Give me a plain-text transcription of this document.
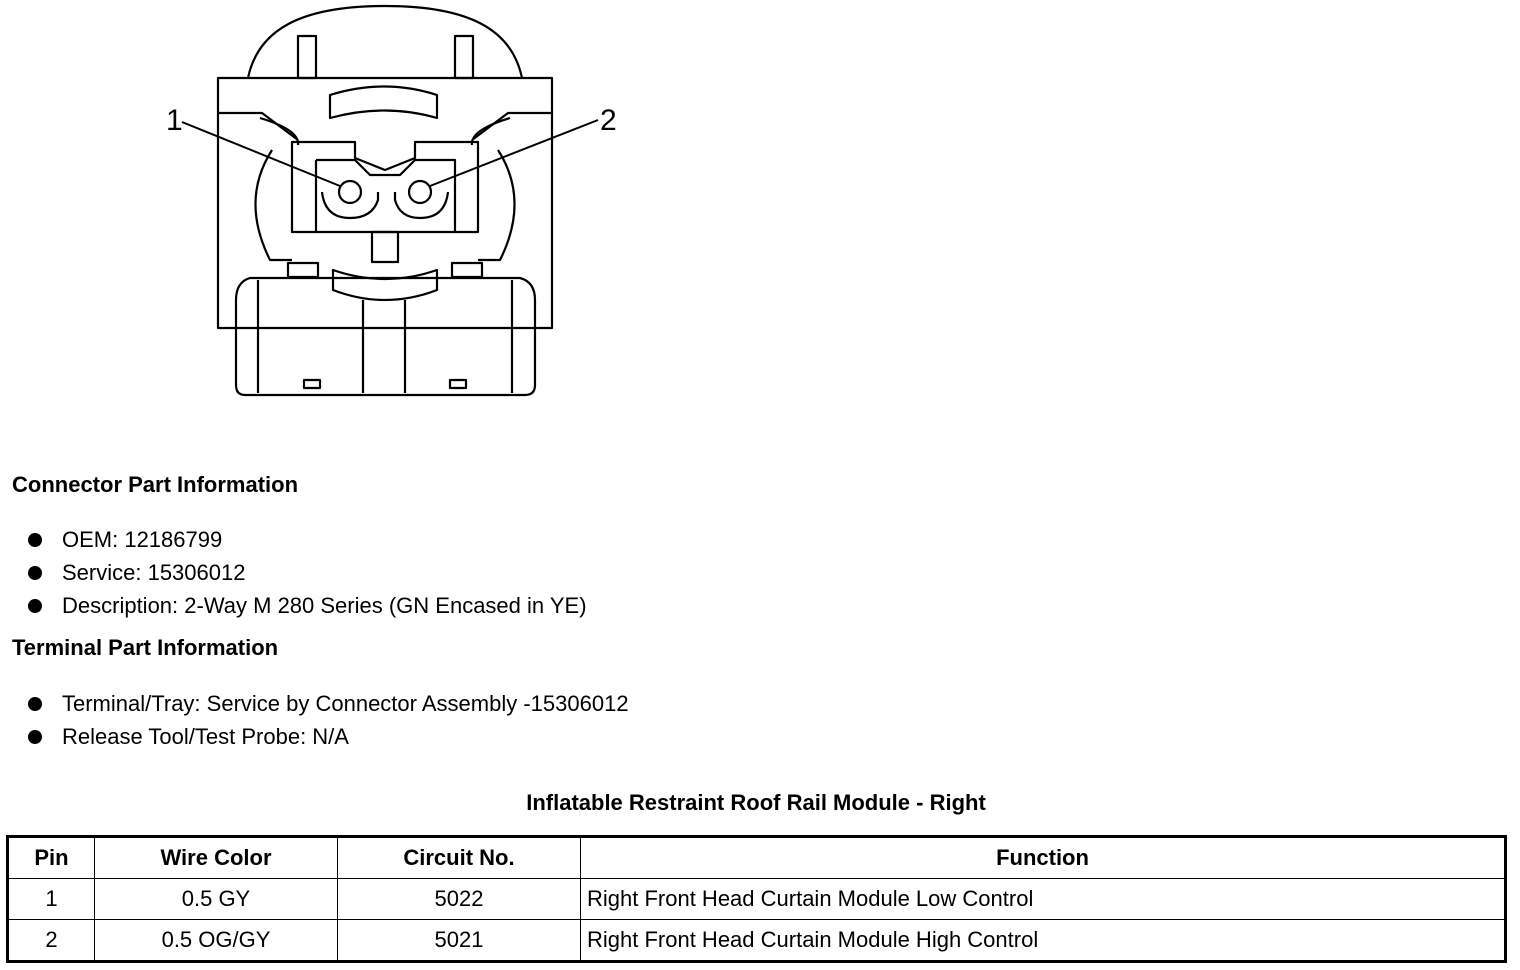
1	2
Connector Part Information
OEM: 12186799
Service: 15306012
Description: 2-Way M 280 Series (GN Encased in YE)
Terminal Part Information
Terminal/Tray: Service by Connector Assembly -15306012
Release Tool/Test Probe: N/A
Inflatable Restraint Roof Rail Module - Right
Pin	Wire Color	Circuit No.	Function
1	0.5 GY	5022	Right Front Head Curtain Module Low Control
2	0.5 OG/GY	5021	Right Front Head Curtain Module High Control
